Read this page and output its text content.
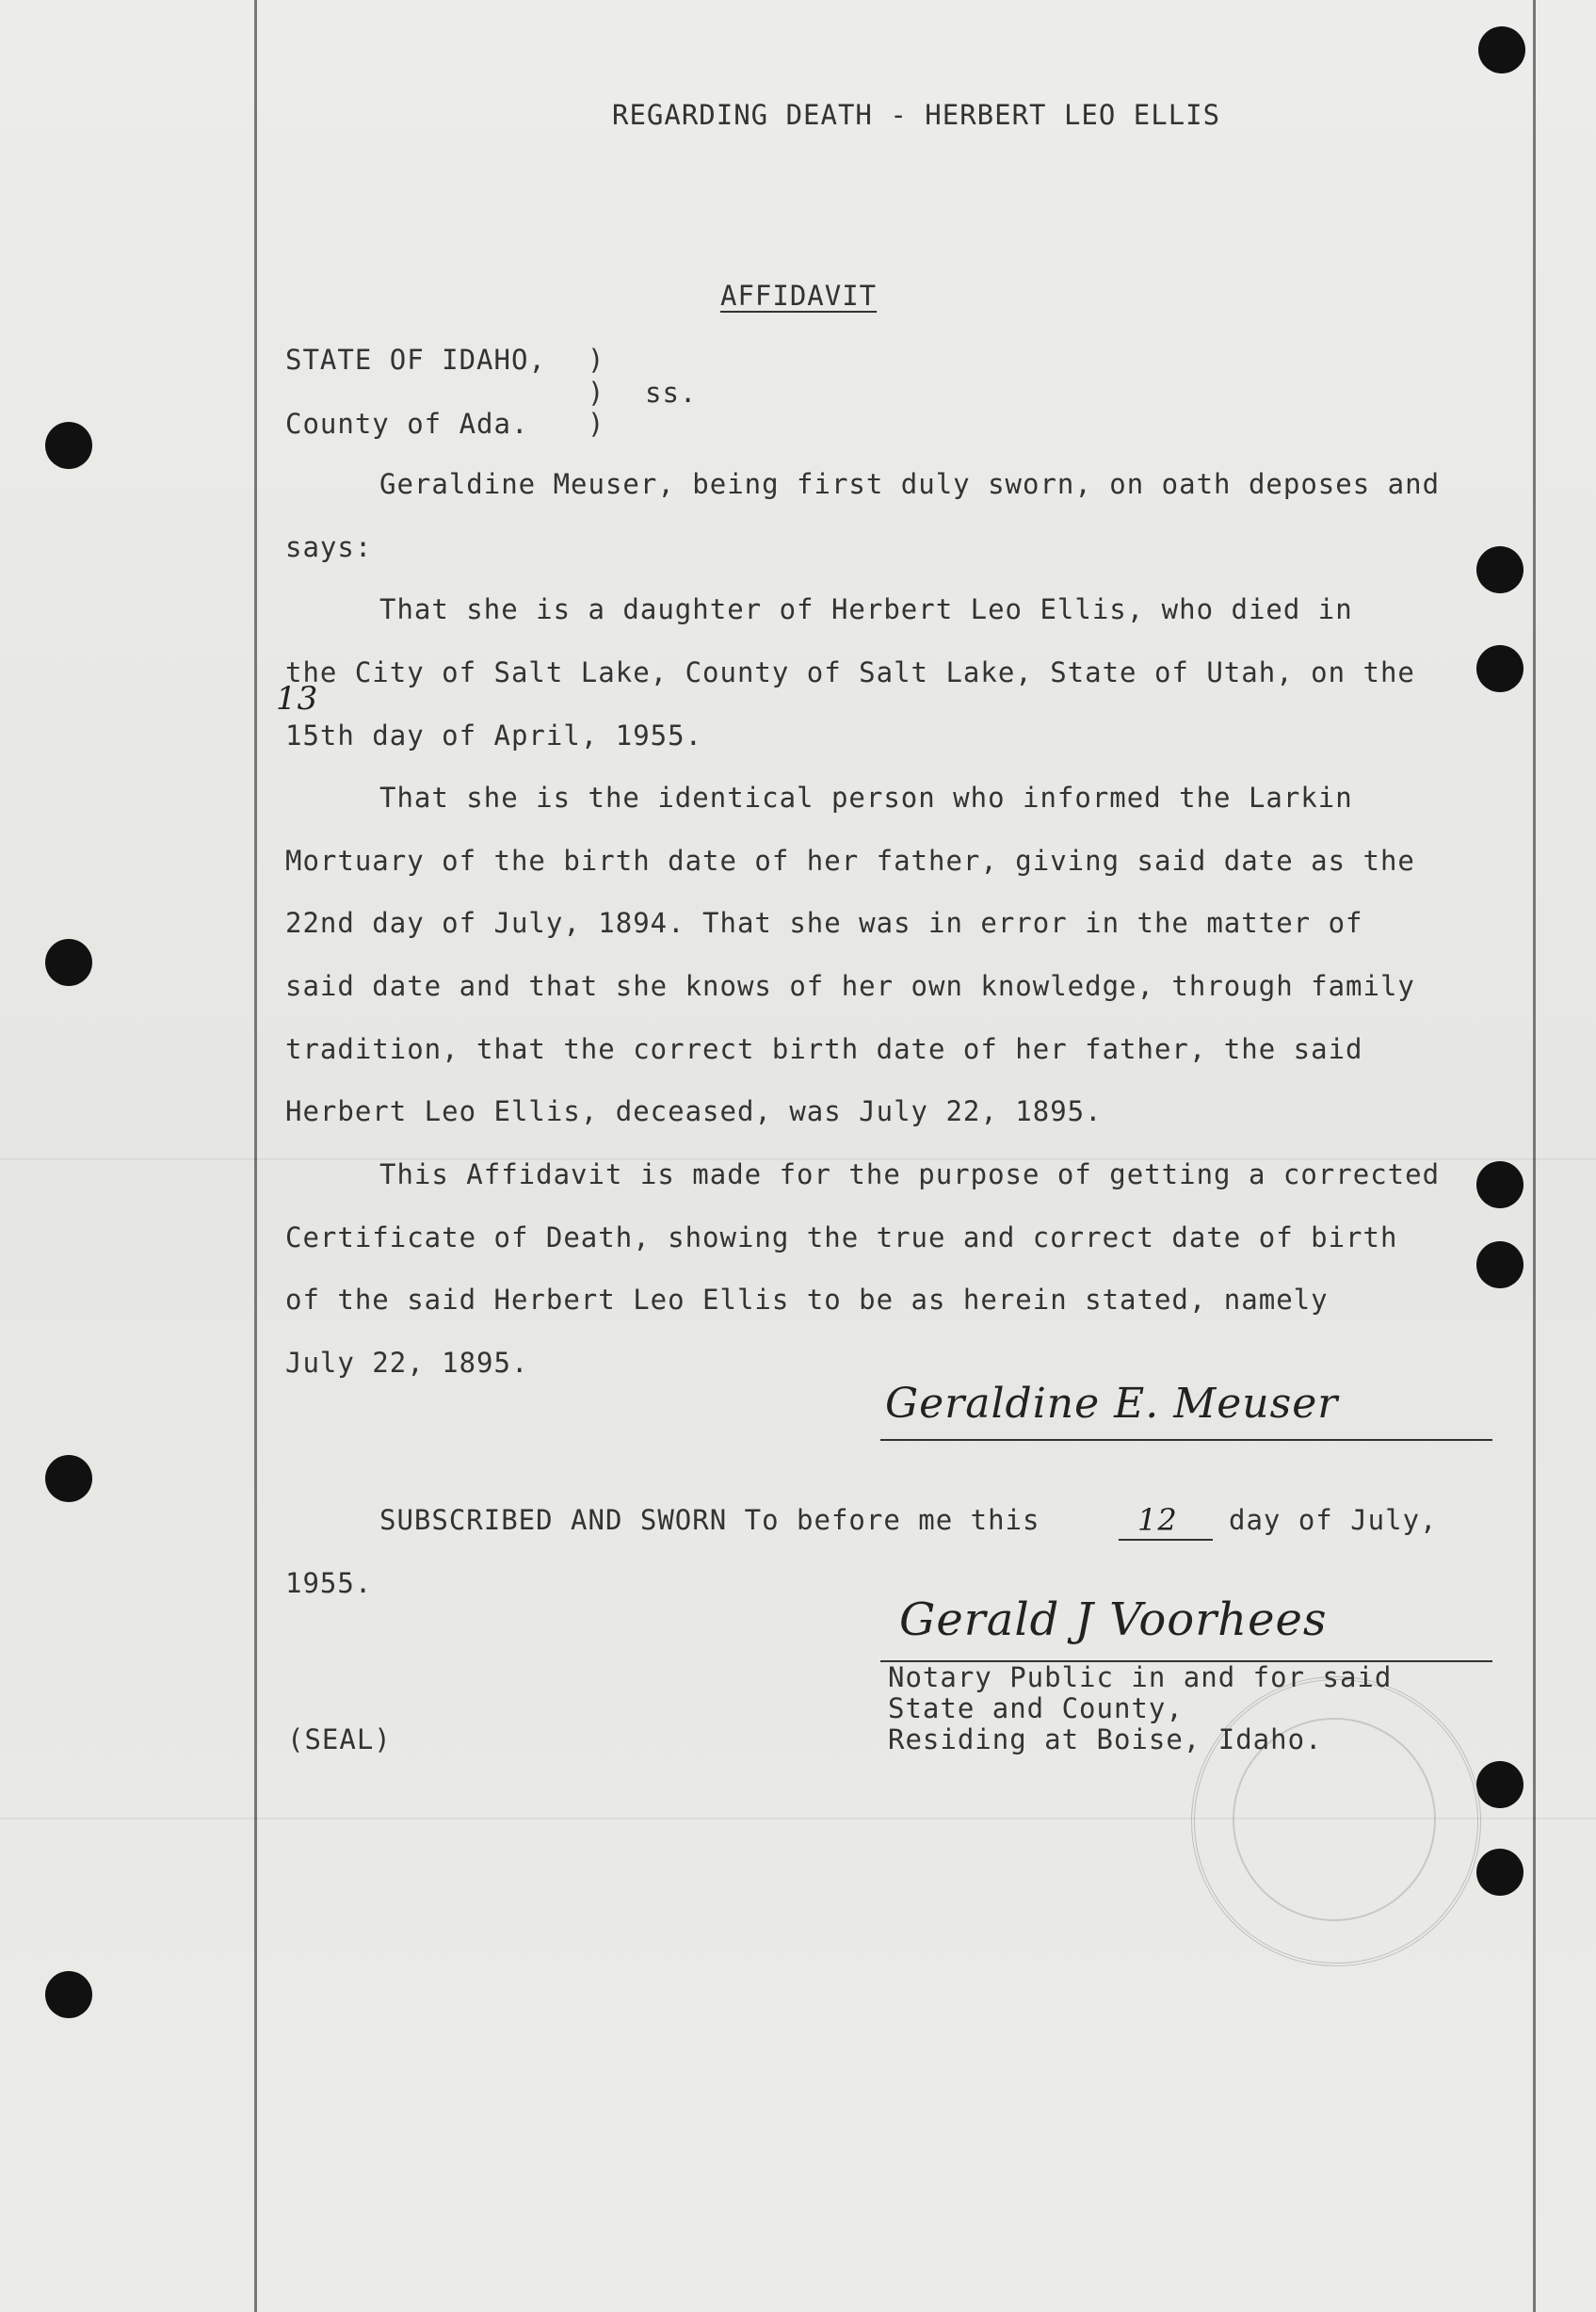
REGARDING DEATH - HERBERT LEO ELLIS
AFFIDAVIT
STATE OF IDAHO, )
) ss.
County of Ada. )
Geraldine Meuser, being first duly sworn, on oath deposes and
says:
That she is a daughter of Herbert Leo Ellis, who died in
the City of Salt Lake, County of Salt Lake, State of Utah, on the
13
15th day of April, 1955.
That she is the identical person who informed the Larkin
Mortuary of the birth date of her father, giving said date as the
22nd day of July, 1894. That she was in error in the matter of
said date and that she knows of her own knowledge, through family
tradition, that the correct birth date of her father, the said
Herbert Leo Ellis, deceased, was July 22, 1895.
This Affidavit is made for the purpose of getting a corrected
Certificate of Death, showing the true and correct date of birth
of the said Herbert Leo Ellis to be as herein stated, namely
July 22, 1895.
Geraldine E. Meuser
SUBSCRIBED AND SWORN To before me this	12 day of July,
1955.
Gerald J Voorhees
Notary Public in and for said
State and County,
Residing at Boise, Idaho.
(SEAL)
